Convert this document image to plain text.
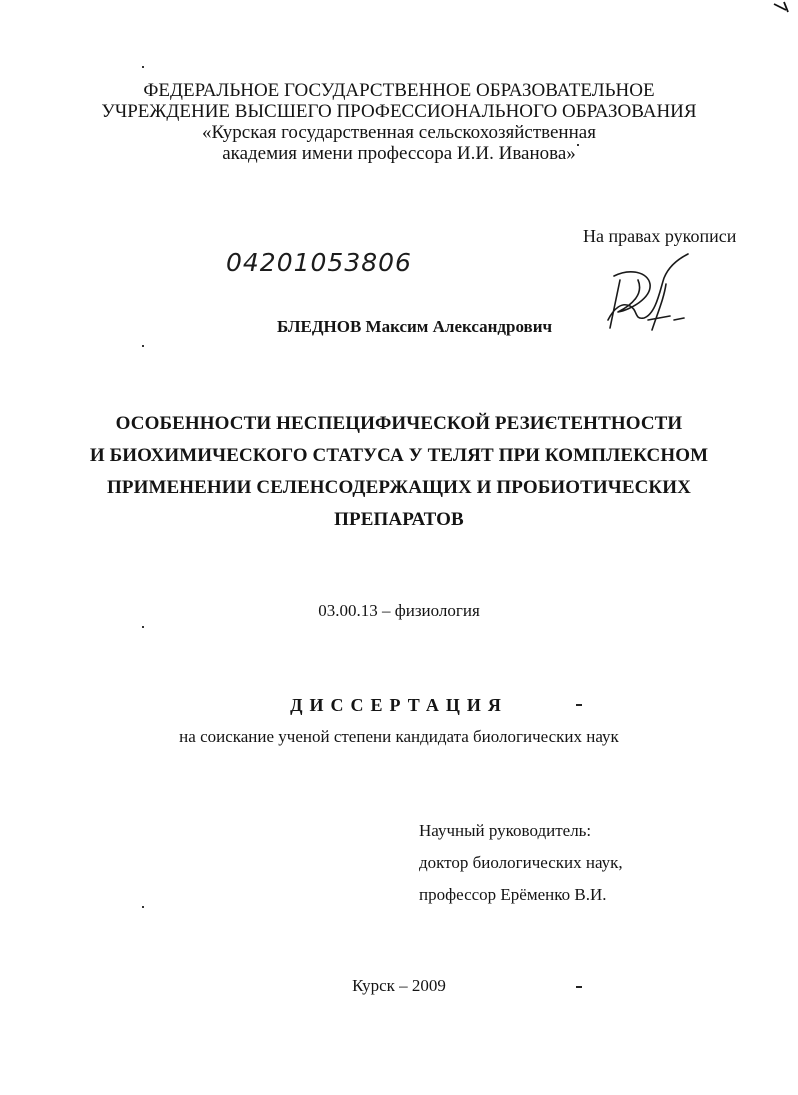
ФЕДЕРАЛЬНОЕ ГОСУДАРСТВЕННОЕ ОБРАЗОВАТЕЛЬНОЕ
УЧРЕЖДЕНИЕ ВЫСШЕГО ПРОФЕССИОНАЛЬНОГО ОБРАЗОВАНИЯ
«Курская государственная сельскохозяйственная
академия имени профессора И.И. Иванова»
На правах рукописи
04201053806
БЛЕДНОВ Максим Александрович
ОСОБЕННОСТИ НЕСПЕЦИФИЧЕСКОЙ РЕЗИЄТЕНТНОСТИ
И БИОХИМИЧЕСКОГО СТАТУСА У ТЕЛЯТ ПРИ КОМПЛЕКСНОМ
ПРИМЕНЕНИИ СЕЛЕНСОДЕРЖАЩИХ И ПРОБИОТИЧЕСКИХ
ПРЕПАРАТОВ
03.00.13 – физиология
ДИССЕРТАЦИЯ
на соискание ученой степени кандидата биологических наук
Научный руководитель:
доктор биологических наук,
профессор Ерёменко В.И.
Курск – 2009
